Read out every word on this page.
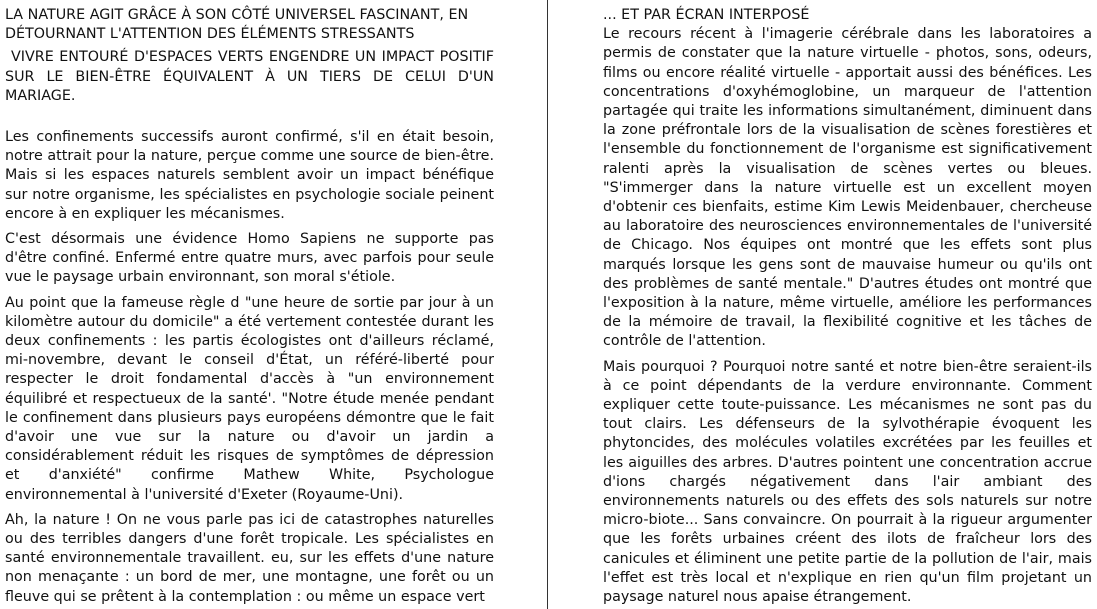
LA NATURE AGIT GRÂCE À SON CÔTÉ UNIVERSEL FASCINANT, EN DÉTOURNANT L'ATTENTION DES ÉLÉMENTS STRESSANTS
VIVRE ENTOURÉ D'ESPACES VERTS ENGENDRE UN IMPACT POSITIF SUR LE BIEN-ÊTRE ÉQUIVALENT À UN TIERS DE CELUI D'UN MARIAGE.

Les confinements successifs auront confirmé, s'il en était besoin, notre attrait pour la nature, perçue comme une source de bien-être. Mais si les espaces naturels semblent avoir un impact bénéfique sur notre organisme, les spécialistes en psychologie sociale peinent encore à en expliquer les mécanismes.

C'est désormais une évidence Homo Sapiens ne supporte pas d'être confiné. Enfermé entre quatre murs, avec parfois pour seule vue le paysage urbain environnant, son moral s'étiole.

Au point que la fameuse règle d "une heure de sortie par jour à un kilomètre autour du domicile" a été vertement contestée durant les deux confinements : les partis écologistes ont d'ailleurs réclamé, mi-novembre, devant le conseil d'État, un référé-liberté pour respecter le droit fondamental d'accès à "un environnement équilibré et respectueux de la santé'. "Notre étude menée pendant le confinement dans plusieurs pays européens démontre que le fait d'avoir une vue sur la nature ou d'avoir un jardin a considérablement réduit les risques de symptômes de dépression et d'anxiété" confirme Mathew White, Psychologue environnemental à l'université d'Exeter (Royaume-Uni).

Ah, la nature ! On ne vous parle pas ici de catastrophes naturelles ou des terribles dangers d'une forêt tropicale. Les spécialistes en santé environnementale travaillent. eu, sur les effets d'une nature non menaçante : un bord de mer, une montagne, une forêt ou un fleuve qui se prêtent à la contemplation : ou même un espace vert

... ET PAR ÉCRAN INTERPOSÉ

Le recours récent à l'imagerie cérébrale dans les laboratoires a permis de constater que la nature virtuelle - photos, sons, odeurs, films ou encore réalité virtuelle - apportait aussi des bénéfices. Les concentrations d'oxyhémoglobine, un marqueur de l'attention partagée qui traite les informations simultanément, diminuent dans la zone préfrontale lors de la visualisation de scènes forestières et l'ensemble du fonctionnement de l'organisme est significativement ralenti après la visualisation de scènes vertes ou bleues. "S'immerger dans la nature virtuelle est un excellent moyen d'obtenir ces bienfaits, estime Kim Lewis Meidenbauer, chercheuse au laboratoire des neurosciences environnementales de l'université de Chicago. Nos équipes ont montré que les effets sont plus marqués lorsque les gens sont de mauvaise humeur ou qu'ils ont des problèmes de santé mentale." D'autres études ont montré que l'exposition à la nature, même virtuelle, améliore les performances de la mémoire de travail, la flexibilité cognitive et les tâches de contrôle de l'attention.

Mais pourquoi ? Pourquoi notre santé et notre bien-être seraient-ils à ce point dépendants de la verdure environnante. Comment expliquer cette toute-puissance. Les mécanismes ne sont pas du tout clairs. Les défenseurs de la sylvothérapie évoquent les phytoncides, des molécules volatiles excrétées par les feuilles et les aiguilles des arbres. D'autres pointent une concentration accrue d'ions chargés négativement dans l'air ambiant des environnements naturels ou des effets des sols naturels sur notre micro-biote... Sans convaincre. On pourrait à la rigueur argumenter que les forêts urbaines créent des ilots de fraîcheur lors des canicules et éliminent une petite partie de la pollution de l'air, mais l'effet est très local et n'explique en rien qu'un film projetant un paysage naturel nous apaise étrangement.
